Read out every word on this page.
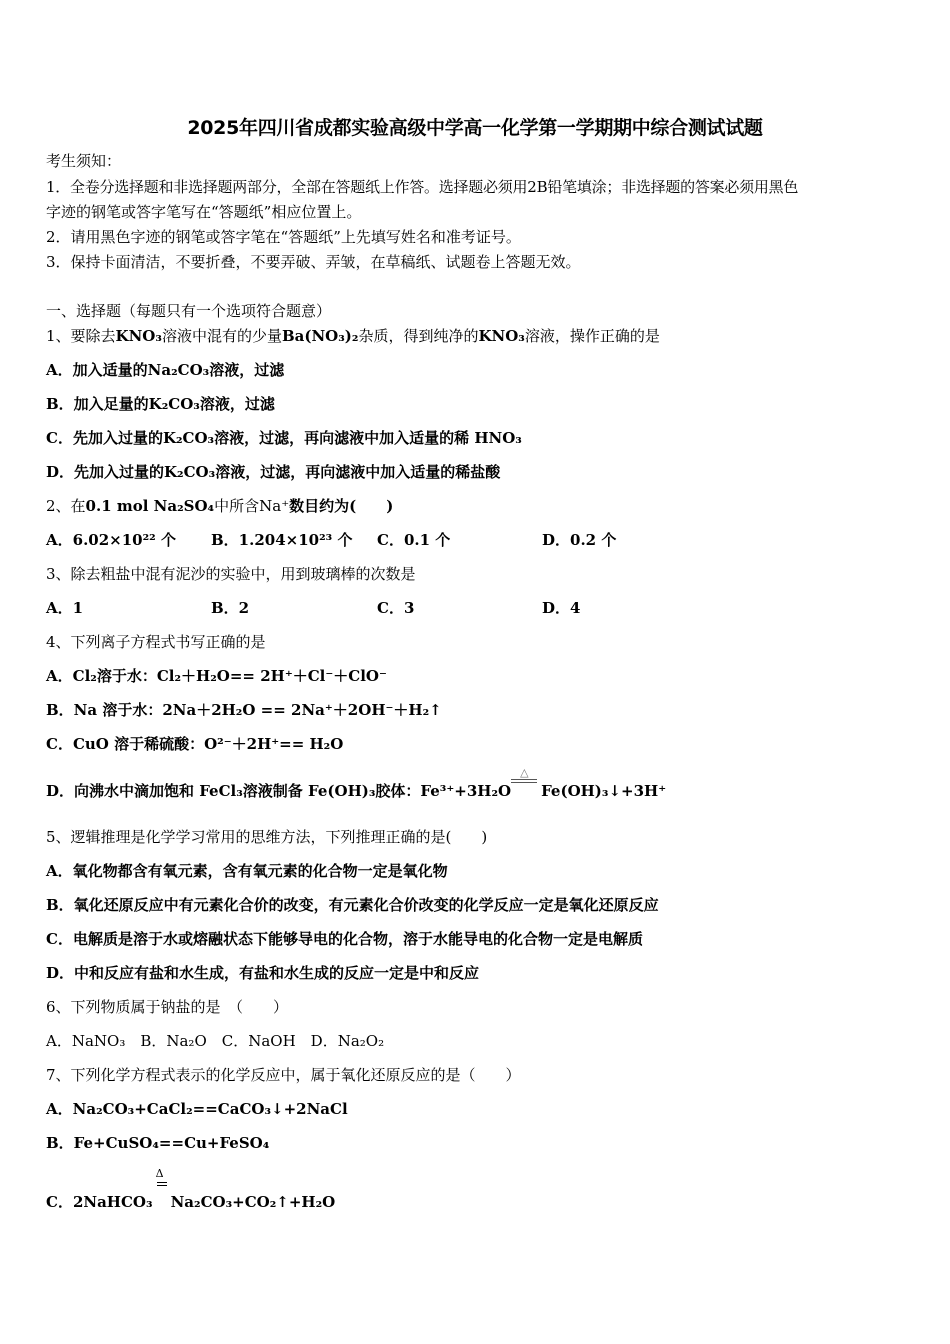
2025年四川省成都实验高级中学高一化学第一学期期中综合测试试题
考生须知：
1．全卷分选择题和非选择题两部分，全部在答题纸上作答。选择题必须用2B铅笔填涂；非选择题的答案必须用黑色
字迹的钢笔或答字笔写在“答题纸”相应位置上。
2．请用黑色字迹的钢笔或答字笔在“答题纸”上先填写姓名和准考证号。
3．保持卡面清洁，不要折叠，不要弄破、弄皱，在草稿纸、试题卷上答题无效。
一、选择题（每题只有一个选项符合题意）
1、要除去KNO₃溶液中混有的少量Ba(NO₃)₂杂质，得到纯净的KNO₃溶液，操作正确的是
A．加入适量的Na₂CO₃溶液，过滤
B．加入足量的K₂CO₃溶液，过滤
C．先加入过量的K₂CO₃溶液，过滤，再向滤液中加入适量的稀 HNO₃
D．先加入过量的K₂CO₃溶液，过滤，再向滤液中加入适量的稀盐酸
2、在0.1 mol Na₂SO₄中所含Na⁺数目约为(　　)
A．6.02×10²² 个 B．1.204×10²³ 个 C．0.1 个	D．0.2 个
3、除去粗盐中混有泥沙的实验中，用到玻璃棒的次数是
A．1	B．2	C．3	D．4
4、下列离子方程式书写正确的是
A．Cl₂溶于水：Cl₂＋H₂O== 2H⁺＋Cl⁻＋ClO⁻
B．Na 溶于水：2Na＋2H₂O == 2Na⁺＋2OH⁻＋H₂↑
C．CuO 溶于稀硫酸：O²⁻＋2H⁺== H₂O
D．向沸水中滴加饱和 FeCl₃溶液制备 Fe(OH)₃胶体：Fe³⁺+3H₂O
△
Fe(OH)₃↓+3H⁺
5、逻辑推理是化学学习常用的思维方法，下列推理正确的是(　　)
A．氧化物都含有氧元素，含有氧元素的化合物一定是氧化物
B．氧化还原反应中有元素化合价的改变，有元素化合价改变的化学反应一定是氧化还原反应
C．电解质是溶于水或熔融状态下能够导电的化合物，溶于水能导电的化合物一定是电解质
D．中和反应有盐和水生成，有盐和水生成的反应一定是中和反应
6、下列物质属于钠盐的是　（　　）
A．NaNO₃　B．Na₂O　C．NaOH　D．Na₂O₂
7、下列化学方程式表示的化学反应中，属于氧化还原反应的是（　　）
A．Na₂CO₃+CaCl₂==CaCO₃↓+2NaCl
B．Fe+CuSO₄==Cu+FeSO₄
C．2NaHCO₃
Δ
Na₂CO₃+CO₂↑+H₂O
